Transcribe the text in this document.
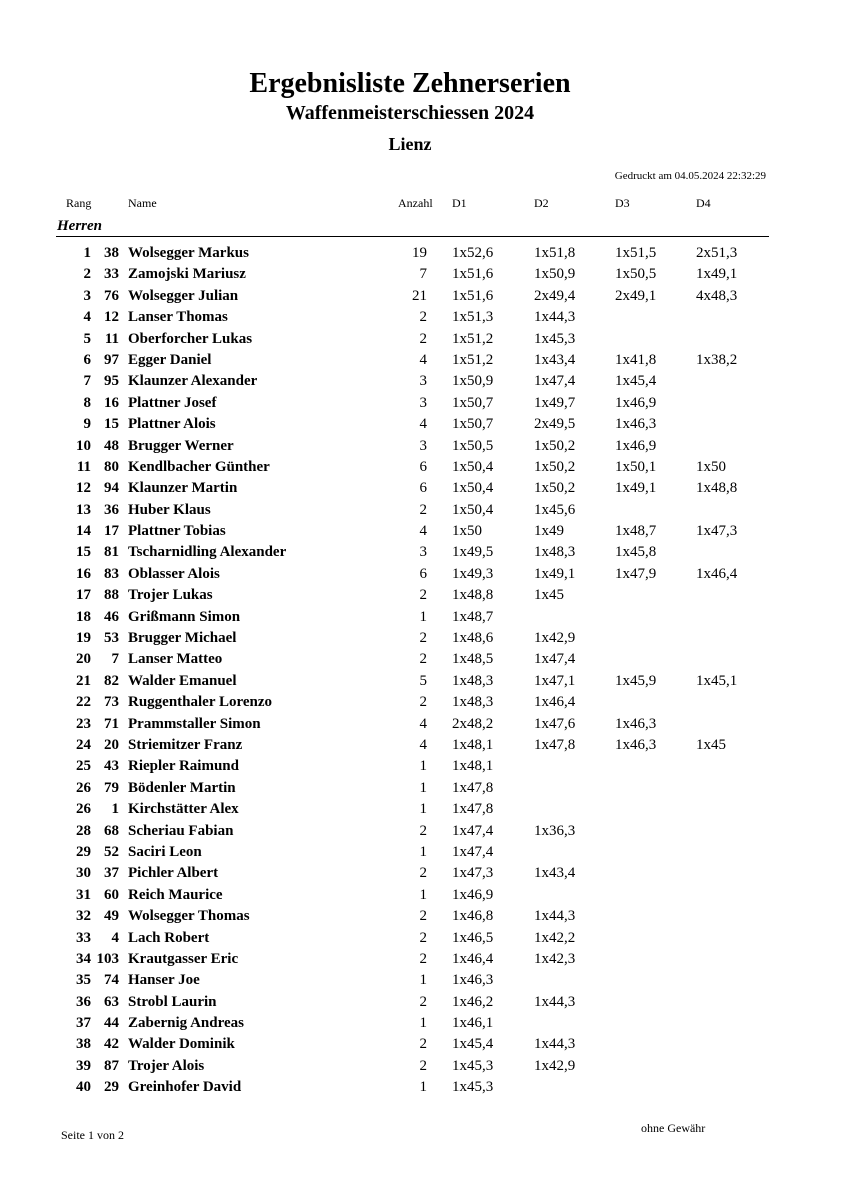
Ergebnisliste Zehnerserien
Waffenmeisterschiessen 2024
Lienz
Gedruckt am 04.05.2024 22:32:29
Rang	Name	Anzahl D1	D2	D3	D4
Herren
1 38 Wolsegger Markus	19 1x52,6	1x51,8	1x51,5	2x51,3
2 33 Zamojski Mariusz	7 1x51,6	1x50,9	1x50,5	1x49,1
3 76 Wolsegger Julian	21 1x51,6	2x49,4	2x49,1	4x48,3
4 12 Lanser Thomas	2 1x51,3	1x44,3
5 11 Oberforcher Lukas	2 1x51,2	1x45,3
6 97 Egger Daniel	4 1x51,2	1x43,4	1x41,8	1x38,2
7 95 Klaunzer Alexander	3 1x50,9	1x47,4	1x45,4
8 16 Plattner Josef	3 1x50,7	1x49,7	1x46,9
9 15 Plattner Alois	4 1x50,7	2x49,5	1x46,3
10 48 Brugger Werner	3 1x50,5	1x50,2	1x46,9
11 80 Kendlbacher Günther	6 1x50,4	1x50,2	1x50,1	1x50
12 94 Klaunzer Martin	6 1x50,4	1x50,2	1x49,1	1x48,8
13 36 Huber Klaus	2 1x50,4	1x45,6
14 17 Plattner Tobias	4 1x50	1x49	1x48,7	1x47,3
15 81 Tscharnidling Alexander	3 1x49,5	1x48,3	1x45,8
16 83 Oblasser Alois	6 1x49,3	1x49,1	1x47,9	1x46,4
17 88 Trojer Lukas	2 1x48,8	1x45
18 46 Grißmann Simon	1 1x48,7
19 53 Brugger Michael	2 1x48,6	1x42,9
20 7 Lanser Matteo	2 1x48,5	1x47,4
21 82 Walder Emanuel	5 1x48,3	1x47,1	1x45,9	1x45,1
22 73 Ruggenthaler Lorenzo	2 1x48,3	1x46,4
23 71 Prammstaller Simon	4 2x48,2	1x47,6	1x46,3
24 20 Striemitzer Franz	4 1x48,1	1x47,8	1x46,3	1x45
25 43 Riepler Raimund	1 1x48,1
26 79 Bödenler Martin	1 1x47,8
26 1 Kirchstätter Alex	1 1x47,8
28 68 Scheriau Fabian	2 1x47,4	1x36,3
29 52 Saciri Leon	1 1x47,4
30 37 Pichler Albert	2 1x47,3	1x43,4
31 60 Reich Maurice	1 1x46,9
32 49 Wolsegger Thomas	2 1x46,8	1x44,3
33 4 Lach Robert	2 1x46,5	1x42,2
34 103 Krautgasser Eric	2 1x46,4	1x42,3
35 74 Hanser Joe	1 1x46,3
36 63 Strobl Laurin	2 1x46,2	1x44,3
37 44 Zabernig Andreas	1 1x46,1
38 42 Walder Dominik	2 1x45,4	1x44,3
39 87 Trojer Alois	2 1x45,3	1x42,9
40 29 Greinhofer David	1 1x45,3
Seite 1 von 2	ohne Gewähr
